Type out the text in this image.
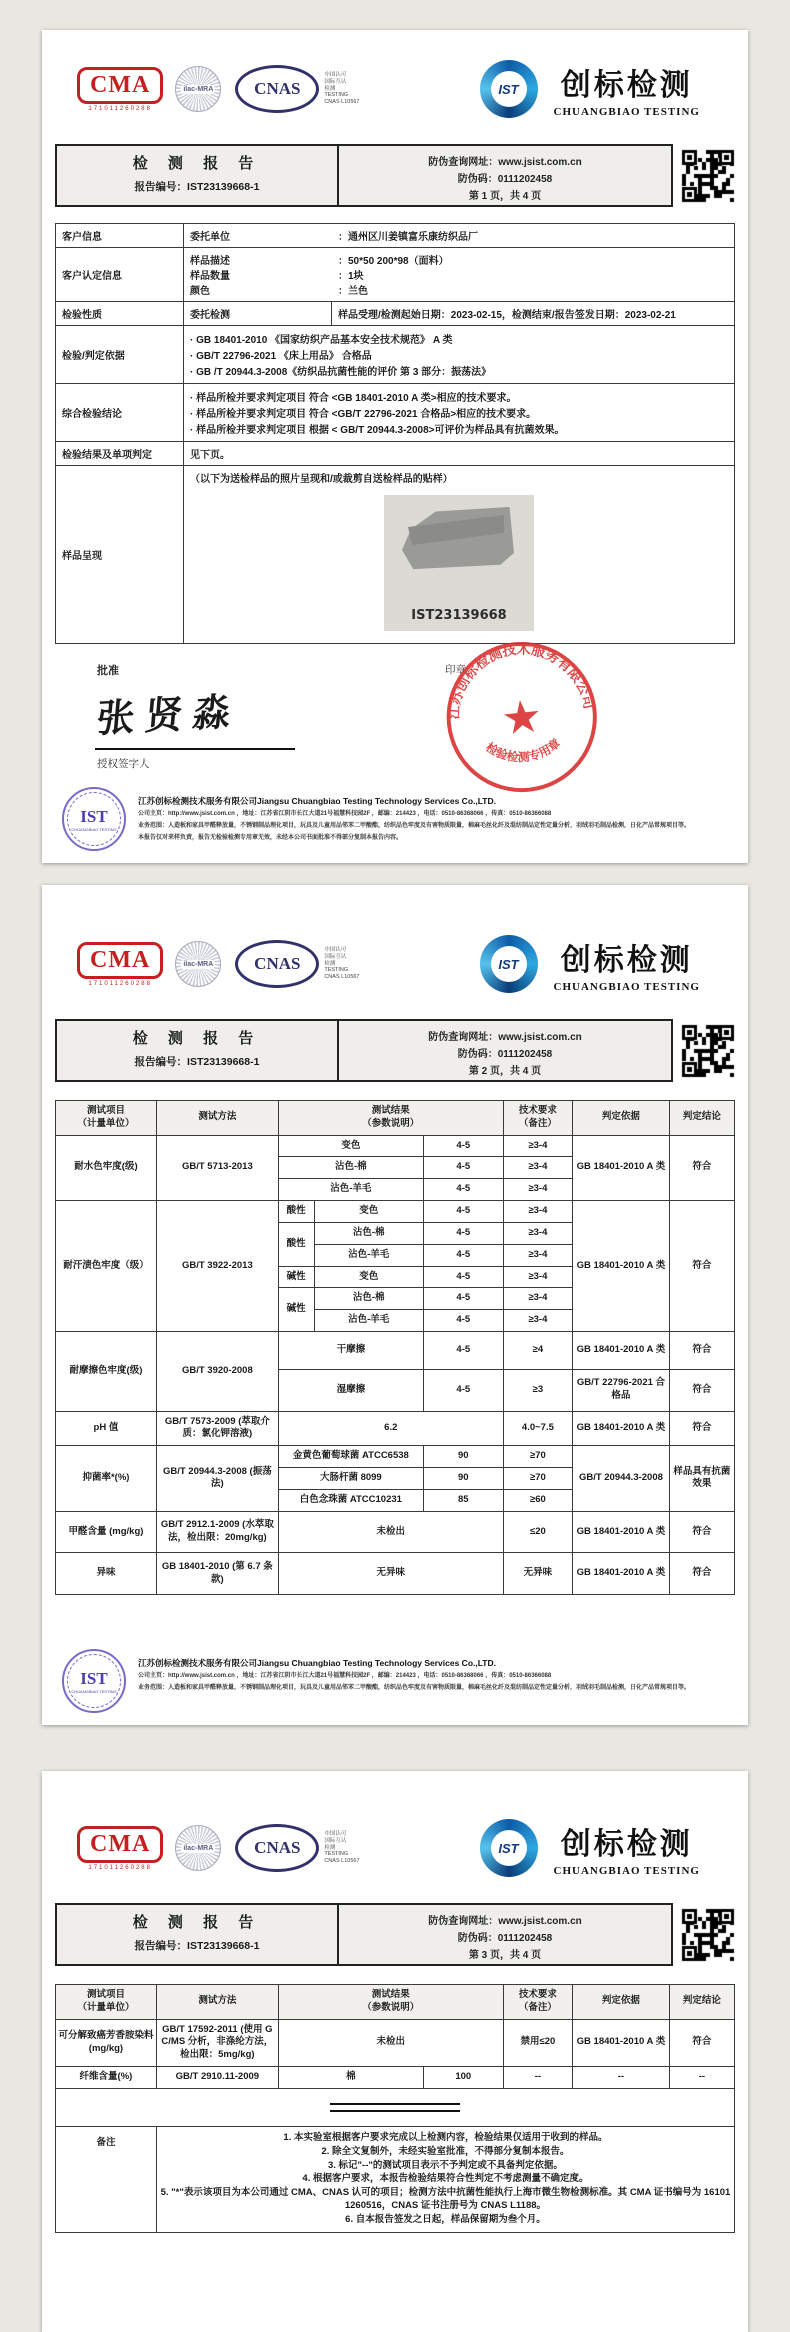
CMA
171011260288
ilac-MRA	CNAS
中国认可
国际互认
检测
TESTING
CNAS L10567
IST 创标检测
CHUANGBIAO TESTING
检 测 报 告
报告编号：IST23139668-1
防伪查询网址：www.jsist.com.cn
防伪码：0111202458
第 1 页，共 4 页
客户信息	委托单位 ：通州区川姜镇富乐康纺织品厂

客户认定信息	
样品描述	：50*50 200*98（面料）
样品数量	：1块
颜色	：兰色

检验性质	委托检测 样品受理/检测起始日期：2023-02-15，检测结束/报告签发日期：2023-02-21

检验/判定依据	· GB 18401-2010 《国家纺织产品基本安全技术规范》 A 类
· GB/T 22796-2021 《床上用品》 合格品
· GB /T 20944.3-2008《纺织品抗菌性能的评价 第 3 部分：振荡法》

综合检验结论	· 样品所检并要求判定项目 符合 <GB 18401-2010 A 类>相应的技术要求。
· 样品所检并要求判定项目 符合 <GB/T 22796-2021 合格品>相应的技术要求。
· 样品所检并要求判定项目 根据 < GB/T 20944.3-2008>可评价为样品具有抗菌效果。

检验结果及单项判定	见下页。
样品呈现	（以下为送检样品的照片呈现和/或裁剪自送检样品的贴样）
IST23139668
批准
张贤淼
授权签字人
印章
江苏创标检测技术服务有限公司
★
检验检测专用章
IST
CHUANGBIAO TESTING
江苏创标检测技术服务有限公司Jiangsu Chuangbiao Testing Technology Services Co.,LTD.
公司主页：http://www.jsist.com.cn ，地址：江苏省江阴市长江大道21号福慧科技园2F ，邮编：214423 ，电话：0510-86368066 ，传真：0510-86366088
业务范围：人造板和家具甲醛释放量，不锈钢制品理化项目，玩具及儿童用品邻苯二甲酸酯，纺织品色牢度及有害物质限量，棉麻毛丝化纤及混纺制品定性定量分析，羽绒羽毛制品检测，日化产品常规项目等。
本报告仅对来样负责，报告无检验检测专用章无效，未经本公司书面批准不得部分复制本报告内容。
CMA
171011260288
ilac-MRA	CNAS
中国认可
国际互认
检测
TESTING
CNAS L10567
IST 创标检测
CHUANGBIAO TESTING
检 测 报 告
报告编号：IST23139668-1
防伪查询网址：www.jsist.com.cn
防伪码：0111202458
第 2 页，共 4 页
测试项目
（计量单位）
	测试方法	
测试结果
（参数说明）

技术要求
（备注）
	判定依据	判定结论
耐水色牢度(级)	GB/T 5713-2013	变色		4-5	≥3-4	GB 18401-2010 A 类	符合
		沾色-棉		4-5	≥3-4		
		沾色-羊毛		4-5	≥3-4		
耐汗渍色牢度（级）	GB/T 3922-2013	酸性	变色	4-5	≥3-4	GB 18401-2010 A 类	符合
		酸性	沾色-棉	4-5	≥3-4		
			沾色-羊毛	4-5	≥3-4		
		碱性	变色	4-5	≥3-4		
		碱性	沾色-棉	4-5	≥3-4		
			沾色-羊毛	4-5	≥3-4		
耐摩擦色牢度(级)	GB/T 3920-2008	干摩擦		4-5	≥4	GB 18401-2010 A 类	符合
		湿摩擦		4-5	≥3	GB/T 22796-2021 合格品	符合
pH 值	GB/T 7573-2009 (萃取介质：氯化钾溶液)	6.2			4.0~7.5	GB 18401-2010 A 类	符合
抑菌率*(%)	GB/T 20944.3-2008 (振荡法)	金黄色葡萄球菌 ATCC6538		90	≥70	GB/T 20944.3-2008	样品具有抗菌效果
		大肠杆菌 8099		90	≥70		
		白色念珠菌 ATCC10231		85	≥60		
甲醛含量 (mg/kg)	GB/T 2912.1-2009 (水萃取法，检出限：20mg/kg)	未检出			≤20	GB 18401-2010 A 类	符合
异味	GB 18401-2010 (第 6.7 条款)	无异味			无异味	GB 18401-2010 A 类	符合
IST
CHUANGBIAO TESTING
江苏创标检测技术服务有限公司Jiangsu Chuangbiao Testing Technology Services Co.,LTD.
公司主页：http://www.jsist.com.cn ，地址：江苏省江阴市长江大道21号福慧科技园2F ，邮编：214423 ，电话：0510-86368066 ，传真：0510-86366088
业务范围：人造板和家具甲醛释放量，不锈钢制品理化项目，玩具及儿童用品邻苯二甲酸酯，纺织品色牢度及有害物质限量，棉麻毛丝化纤及混纺制品定性定量分析，羽绒羽毛制品检测，日化产品常规项目等。
CMA
171011260288
ilac-MRA	CNAS
中国认可
国际互认
检测
TESTING
CNAS L10567
IST 创标检测
CHUANGBIAO TESTING
检 测 报 告
报告编号：IST23139668-1
防伪查询网址：www.jsist.com.cn
防伪码：0111202458
第 3 页，共 4 页
测试项目
（计量单位）
	测试方法	
测试结果
（参数说明）

技术要求
（备注）
	判定依据	判定结论
可分解致癌芳香胺染料(mg/kg)	GB/T 17592-2011 (使用 GC/MS 分析，非涤纶方法，检出限：5mg/kg)	未检出		禁用≤20	GB 18401-2010 A 类	符合
纤维含量(%)	GB/T 2910.11-2009	棉	100	--	--	--

备注	1. 本实验室根据客户要求完成以上检测内容，检验结果仅适用于收到的样品。
2. 除全文复制外，未经实验室批准，不得部分复制本报告。
3. 标记"--"的测试项目表示不予判定或不具备判定依据。
4. 根据客户要求，本报告检验结果符合性判定不考虑测量不确定度。
5. "*"表示该项目为本公司通过 CMA、CNAS 认可的项目；检测方法中抗菌性能执行上海市微生物检测标准。其 CMA 证书编号为 161011260516，CNAS 证书注册号为 CNAS L1188。
6. 自本报告签发之日起，样品保留期为叁个月。
